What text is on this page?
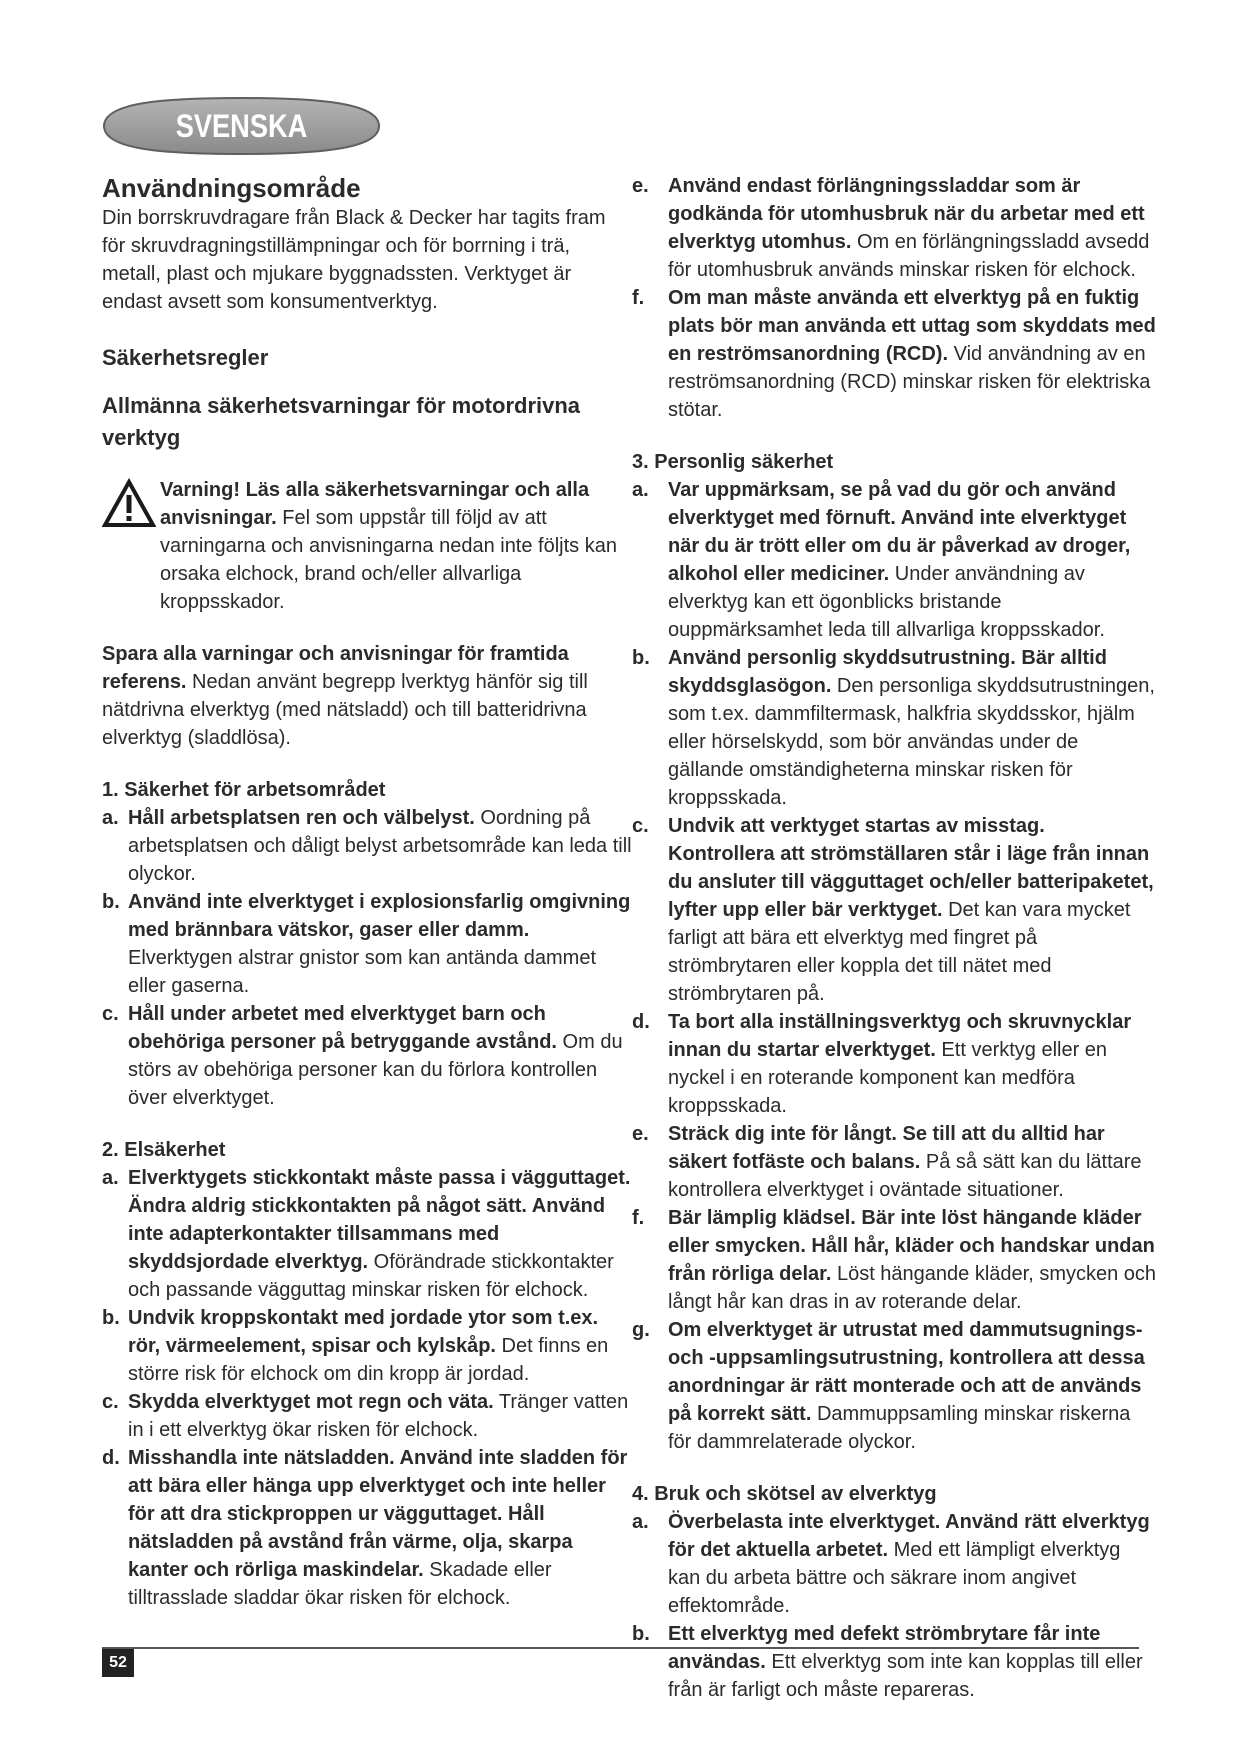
SVENSKA

Användningsområde

Din borrskruvdragare från Black & Decker har tagits fram för skruvdragningstillämpningar och för borrning i trä, metall, plast och mjukare byggnadssten. Verktyget är endast avsett som konsumentverktyg.

Säkerhetsregler

Allmänna säkerhetsvarningar för motordrivna verktyg

Varning! Läs alla säkerhetsvarningar och alla anvisningar. Fel som uppstår till följd av att varningarna och anvisningarna nedan inte följts kan orsaka elchock, brand och/eller allvarliga kroppsskador.

Spara alla varningar och anvisningar för framtida referens. Nedan använt begrepp lverktyg hänför sig till nätdrivna elverktyg (med nätsladd) och till batteridrivna elverktyg (sladdlösa).

1. Säkerhet för arbetsområdet

a. Håll arbetsplatsen ren och välbelyst. Oordning på arbetsplatsen och dåligt belyst arbetsområde kan leda till olyckor.
b. Använd inte elverktyget i explosionsfarlig omgivning med brännbara vätskor, gaser eller damm. Elverktygen alstrar gnistor som kan antända dammet eller gaserna.
c. Håll under arbetet med elverktyget barn och obehöriga personer på betryggande avstånd. Om du störs av obehöriga personer kan du förlora kontrollen över elverktyget.

2. Elsäkerhet

a. Elverktygets stickkontakt måste passa i vägguttaget. Ändra aldrig stickkontakten på något sätt. Använd inte adapterkontakter tillsammans med skyddsjordade elverktyg. Oförändrade stickkontakter och passande vägguttag minskar risken för elchock.
b. Undvik kroppskontakt med jordade ytor som t.ex. rör, värmeelement, spisar och kylskåp. Det finns en större risk för elchock om din kropp är jordad.
c. Skydda elverktyget mot regn och väta. Tränger vatten in i ett elverktyg ökar risken för elchock.
d. Misshandla inte nätsladden. Använd inte sladden för att bära eller hänga upp elverktyget och inte heller för att dra stickproppen ur vägguttaget. Håll nätsladden på avstånd från värme, olja, skarpa kanter och rörliga maskindelar. Skadade eller tilltrasslade sladdar ökar risken för elchock.
e. Använd endast förlängningssladdar som är godkända för utomhusbruk när du arbetar med ett elverktyg utomhus. Om en förlängningssladd avsedd för utomhusbruk används minskar risken för elchock.
f. Om man måste använda ett elverktyg på en fuktig plats bör man använda ett uttag som skyddats med en reströmsanordning (RCD). Vid användning av en reströmsanordning (RCD) minskar risken för elektriska stötar.

3. Personlig säkerhet

a. Var uppmärksam, se på vad du gör och använd elverktyget med förnuft. Använd inte elverktyget när du är trött eller om du är påverkad av droger, alkohol eller mediciner. Under användning av elverktyg kan ett ögonblicks bristande ouppmärksamhet leda till allvarliga kroppsskador.
b. Använd personlig skyddsutrustning. Bär alltid skyddsglasögon. Den personliga skyddsutrustningen, som t.ex. dammfiltermask, halkfria skyddsskor, hjälm eller hörselskydd, som bör användas under de gällande omständigheterna minskar risken för kroppsskada.
c. Undvik att verktyget startas av misstag. Kontrollera att strömställaren står i läge från innan du ansluter till vägguttaget och/eller batteripaketet, lyfter upp eller bär verktyget. Det kan vara mycket farligt att bära ett elverktyg med fingret på strömbrytaren eller koppla det till nätet med strömbrytaren på.
d. Ta bort alla inställningsverktyg och skruvnycklar innan du startar elverktyget. Ett verktyg eller en nyckel i en roterande komponent kan medföra kroppsskada.
e. Sträck dig inte för långt. Se till att du alltid har säkert fotfäste och balans. På så sätt kan du lättare kontrollera elverktyget i oväntade situationer.
f. Bär lämplig klädsel. Bär inte löst hängande kläder eller smycken. Håll hår, kläder och handskar undan från rörliga delar. Löst hängande kläder, smycken och långt hår kan dras in av roterande delar.
g. Om elverktyget är utrustat med dammutsugnings- och -uppsamlingsutrustning, kontrollera att dessa anordningar är rätt monterade och att de används på korrekt sätt. Dammuppsamling minskar riskerna för dammrelaterade olyckor.

4. Bruk och skötsel av elverktyg

a. Överbelasta inte elverktyget. Använd rätt elverktyg för det aktuella arbetet. Med ett lämpligt elverktyg kan du arbeta bättre och säkrare inom angivet effektområde.
b. Ett elverktyg med defekt strömbrytare får inte användas. Ett elverktyg som inte kan kopplas till eller från är farligt och måste repareras.
52
